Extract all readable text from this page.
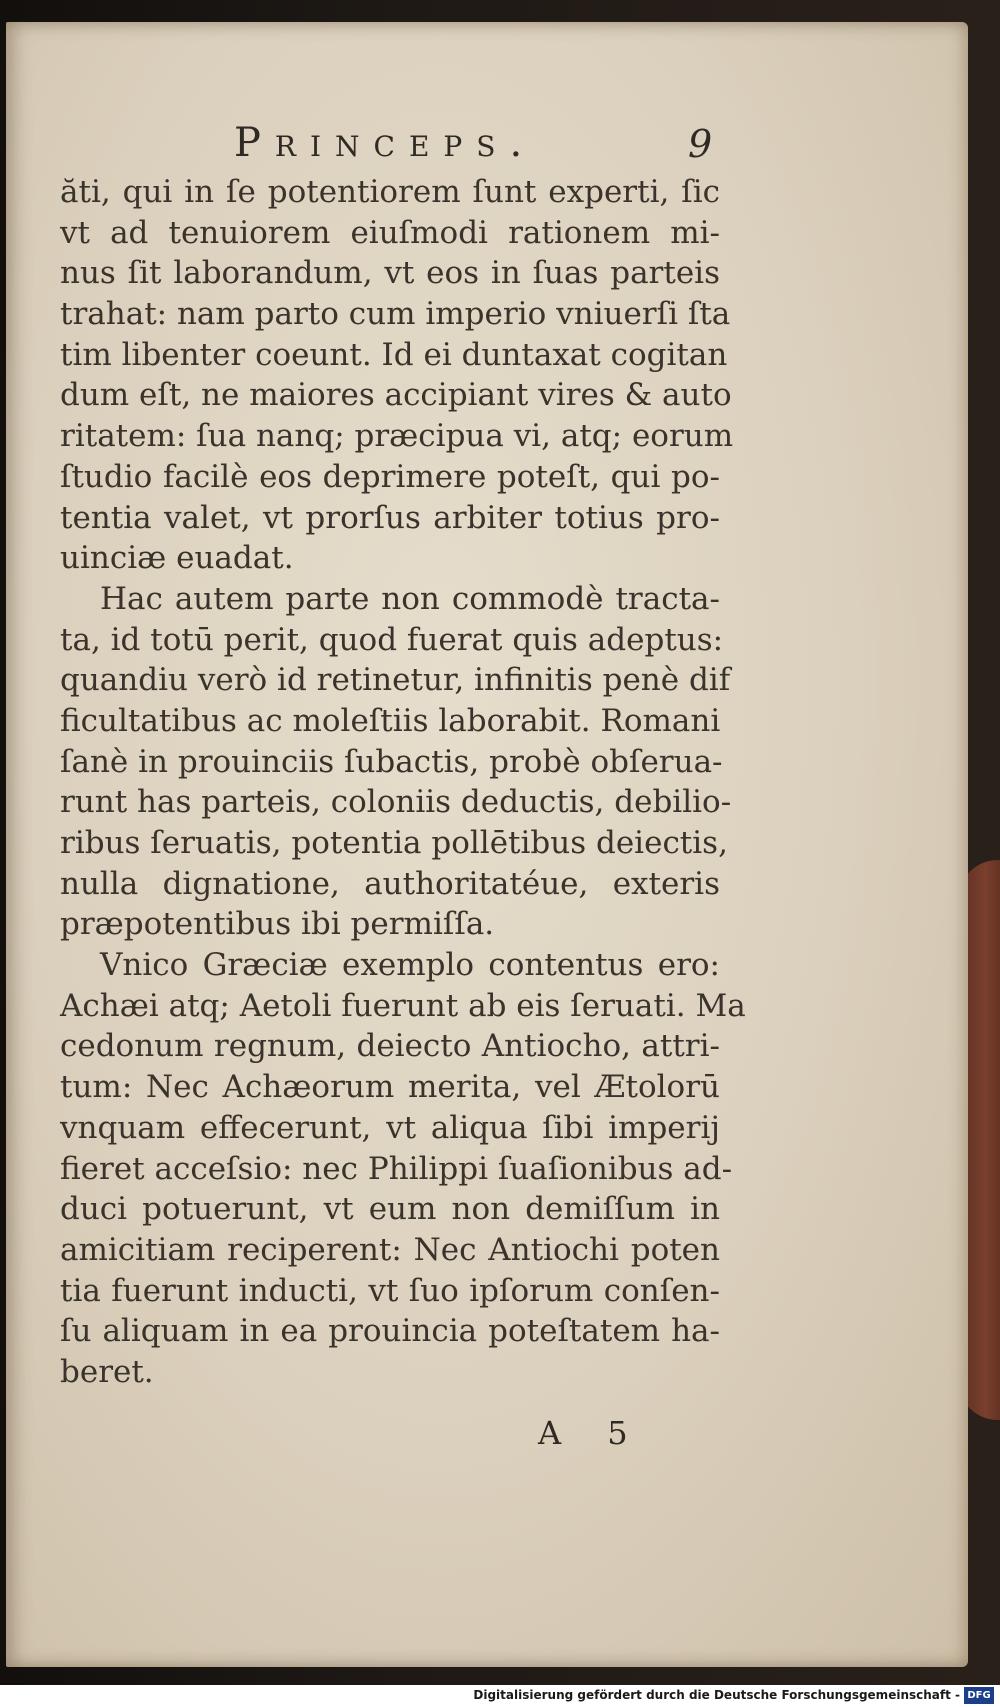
Princeps.	9
ăti, qui in ſe potentiorem ſunt experti, ſic
vt ad tenuiorem eiuſmodi rationem mi-
nus ſit laborandum, vt eos in ſuas parteis
trahat: nam parto cum imperio vniuerſi ſta
tim libenter coeunt. Id ei duntaxat cogitan
dum eſt, ne maiores accipiant vires & auto
ritatem: ſua nanq; præcipua vi, atq; eorum
ſtudio facilè eos deprimere poteſt, qui po-
tentia valet, vt prorſus arbiter totius pro-
uinciæ euadat.
Hac autem parte non commodè tracta-
ta, id totū perit, quod fuerat quis adeptus:
quandiu verò id retinetur, infinitis penè dif
ficultatibus ac moleſtiis laborabit. Romani
ſanè in prouinciis ſubactis, probè obſerua-
runt has parteis, coloniis deductis, debilio-
ribus ſeruatis, potentia pollētibus deiectis,
nulla dignatione, authoritatéue, exteris
præpotentibus ibi permiſſa.
Vnico Græciæ exemplo contentus ero:
Achæi atq; Aetoli fuerunt ab eis ſeruati. Ma
cedonum regnum, deiecto Antiocho, attri-
tum: Nec Achæorum merita, vel Ætolorū
vnquam effecerunt, vt aliqua ſibi imperij
fieret acceſsio: nec Philippi ſuaſionibus ad-
duci potuerunt, vt eum non demiſſum in
amicitiam reciperent: Nec Antiochi poten
tia fuerunt inducti, vt ſuo ipſorum conſen-
ſu aliquam in ea prouincia poteſtatem ha-
beret.
A 5
Digitalisierung gefördert durch die Deutsche Forschungsgemeinschaft - DFG
